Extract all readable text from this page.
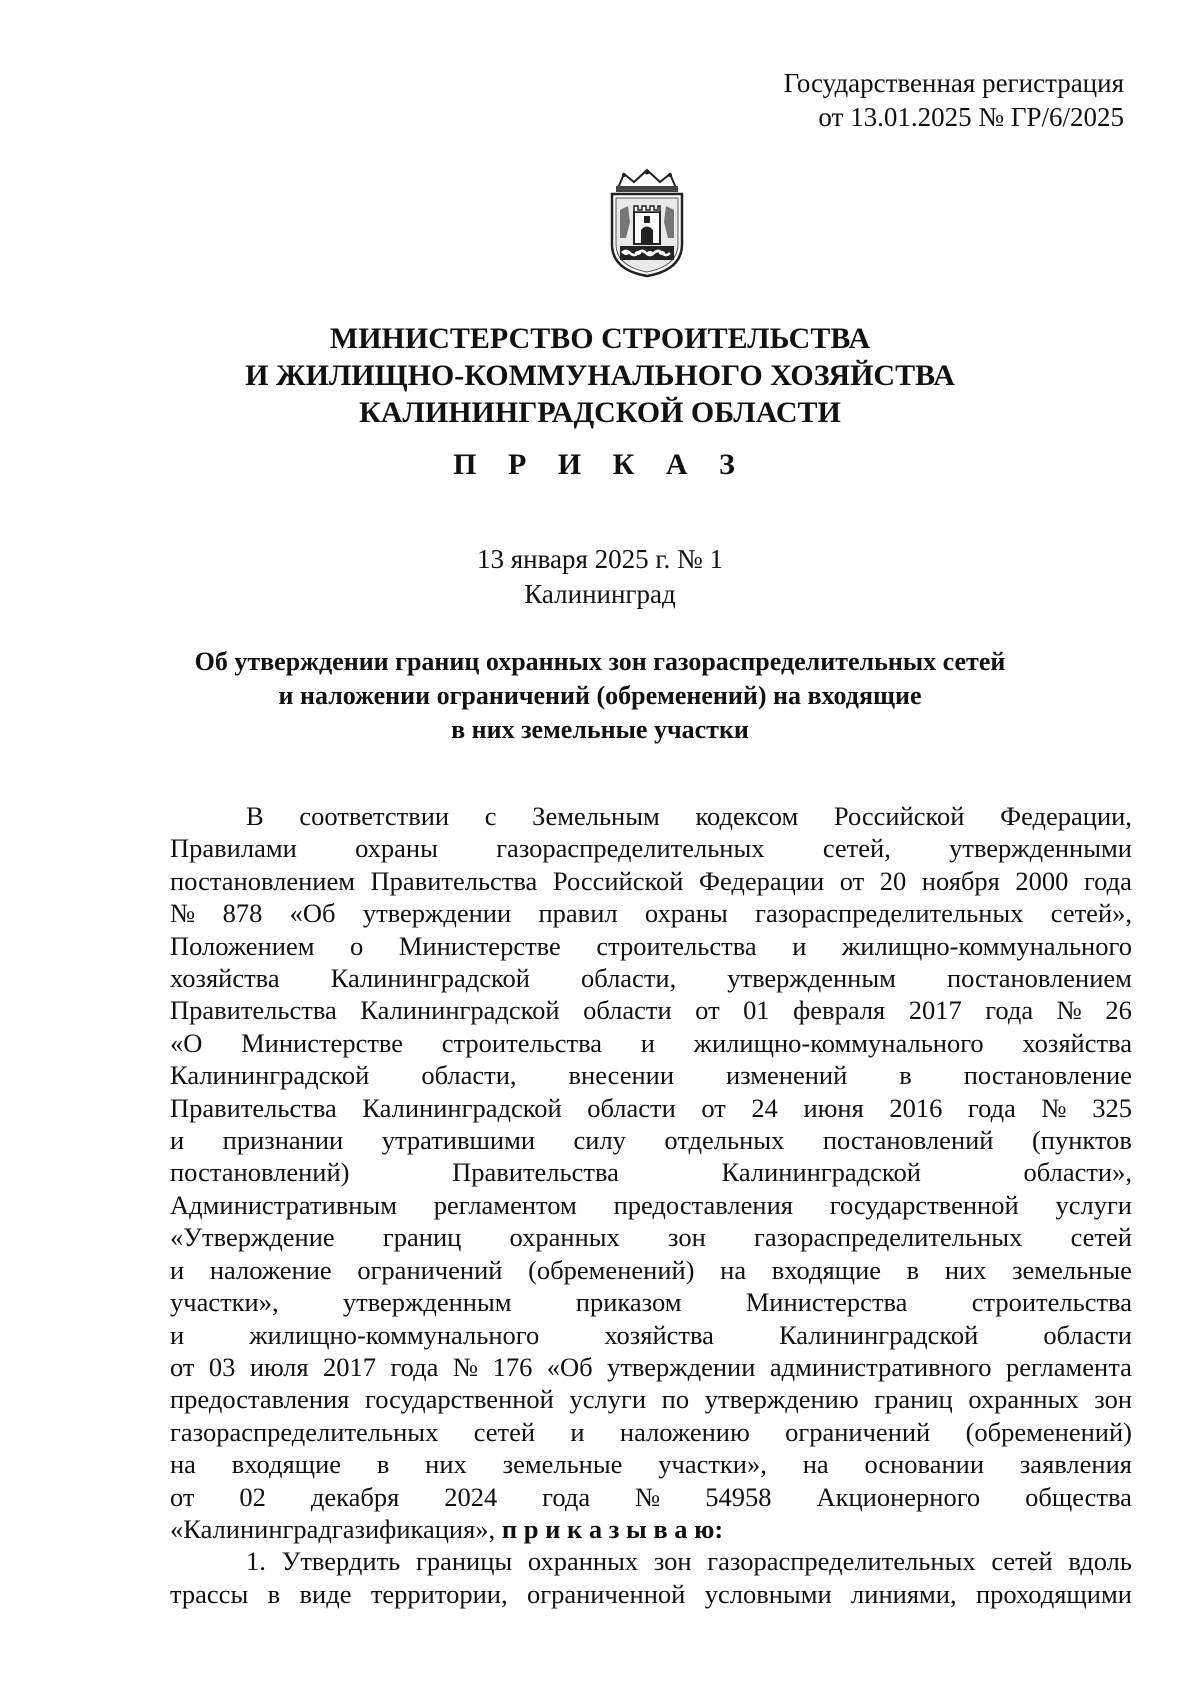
Государственная регистрация
от 13.01.2025 № ГР/6/2025
МИНИСТЕРСТВО СТРОИТЕЛЬСТВА
И ЖИЛИЩНО-КОММУНАЛЬНОГО ХОЗЯЙСТВА
КАЛИНИНГРАДСКОЙ ОБЛАСТИ
П Р И К А З
13 января 2025 г. № 1
Калининград
Об утверждении границ охранных зон газораспределительных сетей
и наложении ограничений (обременений) на входящие
в них земельные участки
В соответствии с Земельным кодексом Российской Федерации,
Правилами охраны газораспределительных сетей, утвержденными
постановлением Правительства Российской Федерации от 20 ноября 2000 года
№ 878 «Об утверждении правил охраны газораспределительных сетей»,
Положением о Министерстве строительства и жилищно-коммунального
хозяйства Калининградской области, утвержденным постановлением
Правительства Калининградской области от 01 февраля 2017 года № 26
«О Министерстве строительства и жилищно-коммунального хозяйства
Калининградской области, внесении изменений в постановление
Правительства Калининградской области от 24 июня 2016 года № 325
и признании утратившими силу отдельных постановлений (пунктов
постановлений)	Правительства	Калининградской	области»,
Административным регламентом предоставления государственной услуги
«Утверждение границ охранных зон газораспределительных сетей
и наложение ограничений (обременений) на входящие в них земельные
участки», утвержденным приказом Министерства строительства
и жилищно-коммунального хозяйства Калининградской области
от 03 июля 2017 года № 176 «Об утверждении административного регламента
предоставления государственной услуги по утверждению границ охранных зон
газораспределительных сетей и наложению ограничений (обременений)
на входящие в них земельные участки», на основании заявления
от 02 декабря 2024 года № 54958 Акционерного общества
«Калининградгазификация», п р и к а з ы в а ю:
1. Утвердить границы охранных зон газораспределительных сетей вдоль
трассы в виде территории, ограниченной условными линиями, проходящими
